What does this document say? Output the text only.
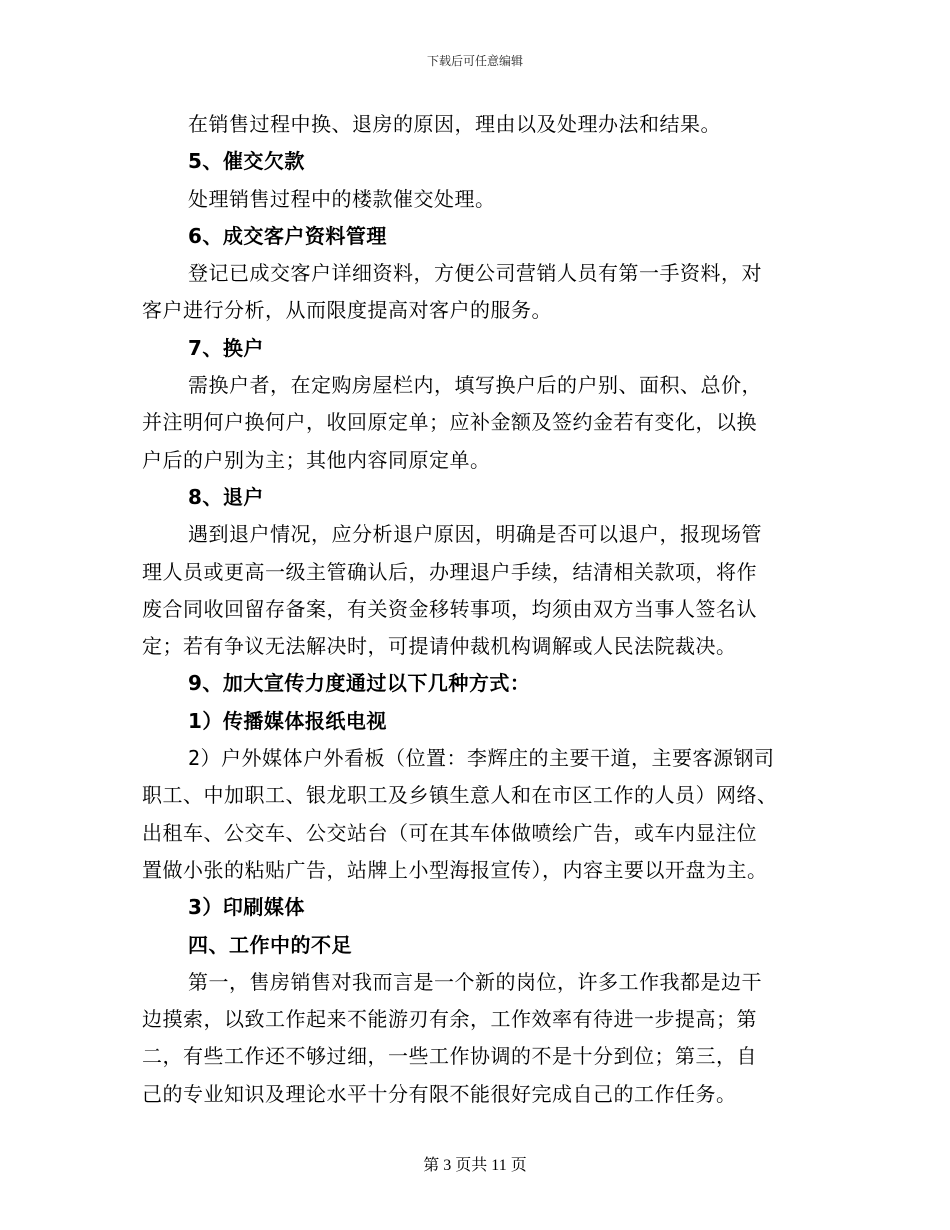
下载后可任意编辑
在销售过程中换、退房的原因，理由以及处理办法和结果。
5、催交欠款
处理销售过程中的楼款催交处理。
6、成交客户资料管理
登记已成交客户详细资料，方便公司营销人员有第一手资料，对
客户进行分析，从而限度提高对客户的服务。
7、换户
需换户者，在定购房屋栏内，填写换户后的户别、面积、总价，
并注明何户换何户，收回原定单；应补金额及签约金若有变化，以换
户后的户别为主；其他内容同原定单。
8、退户
遇到退户情况，应分析退户原因，明确是否可以退户，报现场管
理人员或更高一级主管确认后，办理退户手续，结清相关款项，将作
废合同收回留存备案，有关资金移转事项，均须由双方当事人签名认
定；若有争议无法解决时，可提请仲裁机构调解或人民法院裁决。
9、加大宣传力度通过以下几种方式：
1）传播媒体报纸电视
2）户外媒体户外看板（位置：李辉庄的主要干道，主要客源钢司
职工、中加职工、银龙职工及乡镇生意人和在市区工作的人员）网络、
出租车、公交车、公交站台（可在其车体做喷绘广告，或车内显注位
置做小张的粘贴广告，站牌上小型海报宣传），内容主要以开盘为主。
3）印刷媒体
四、工作中的不足
第一，售房销售对我而言是一个新的岗位，许多工作我都是边干
边摸索，以致工作起来不能游刃有余，工作效率有待进一步提高；第
二，有些工作还不够过细，一些工作协调的不是十分到位；第三，自
己的专业知识及理论水平十分有限不能很好完成自己的工作任务。
第 3 页共 11 页
